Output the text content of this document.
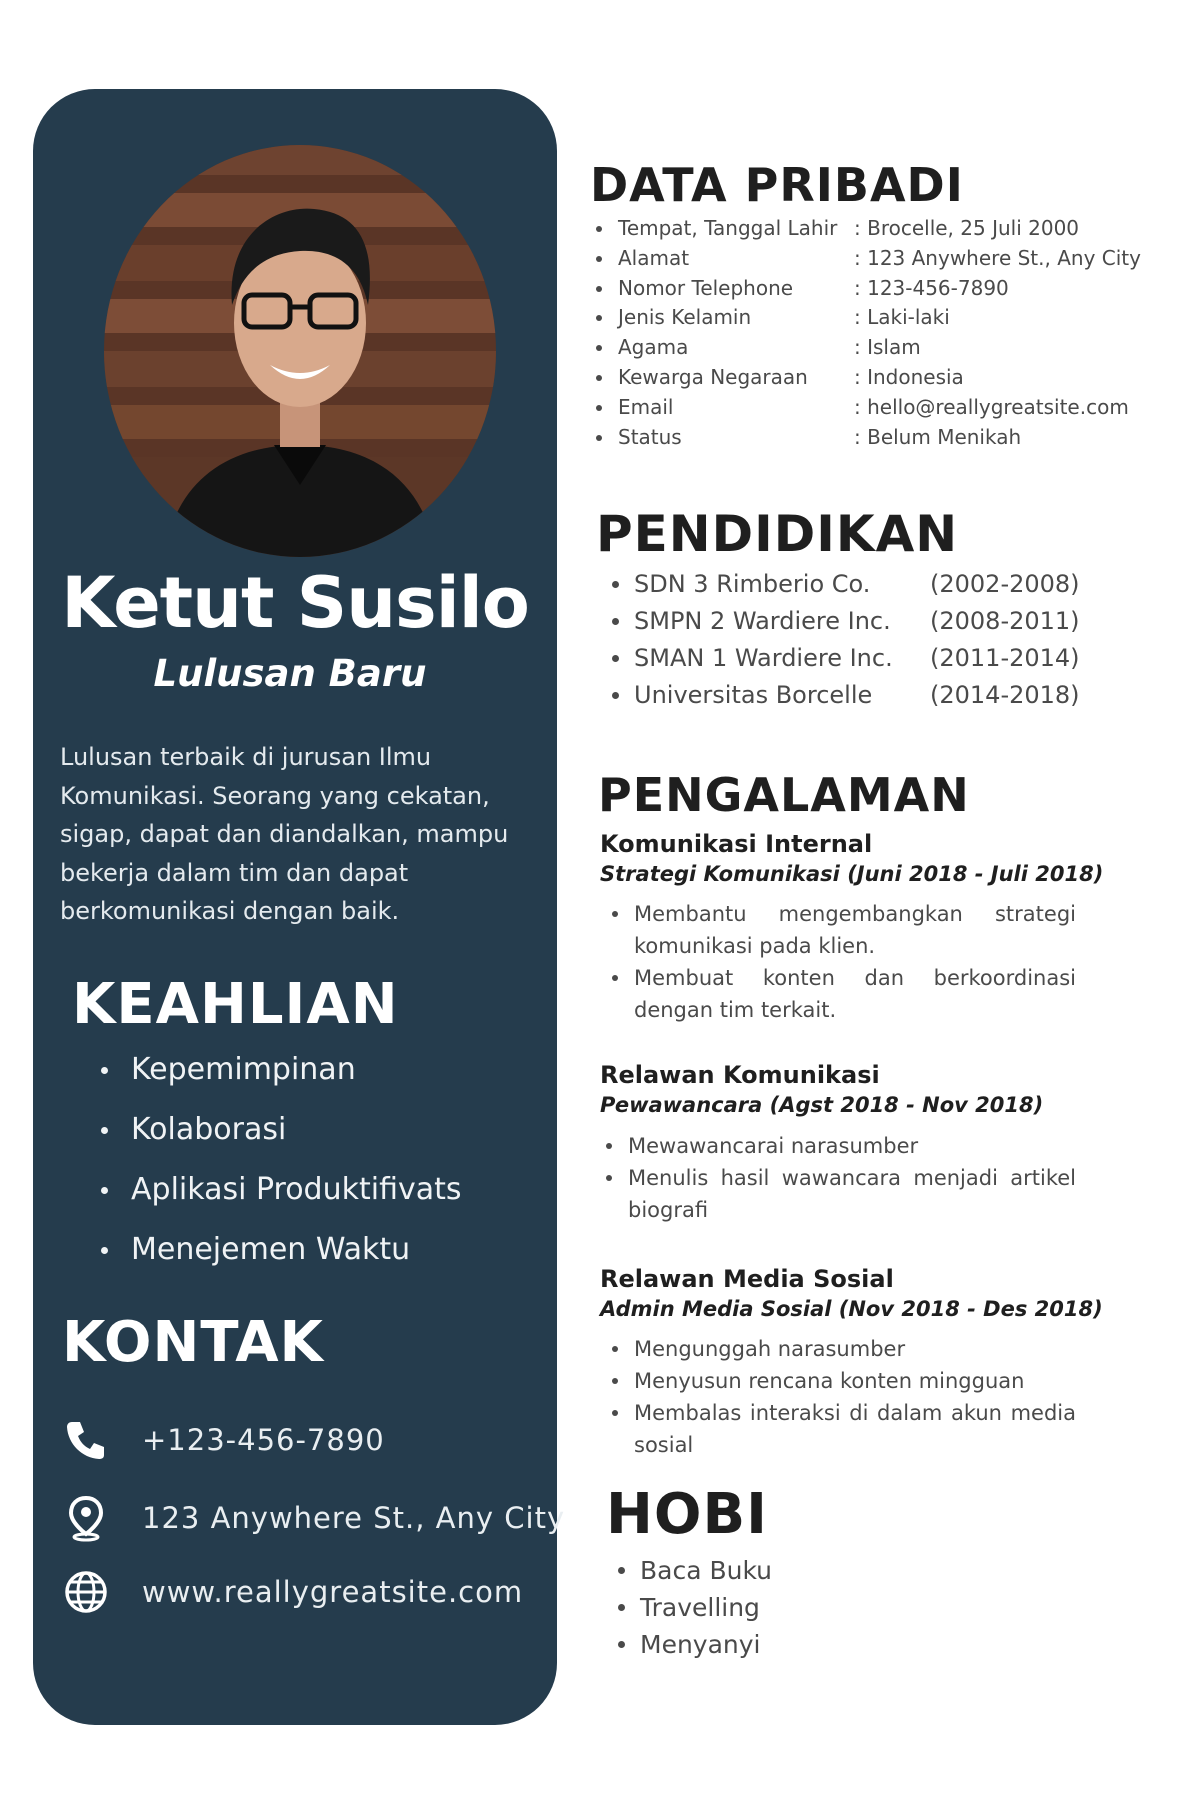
Ketut Susilo
Lulusan Baru
Lulusan terbaik di jurusan Ilmu Komunikasi. Seorang yang cekatan, sigap, dapat dan diandalkan, mampu bekerja dalam tim dan dapat berkomunikasi dengan baik.
KEAHLIAN
Kepemimpinan
Kolaborasi
Aplikasi Produktifivats
Menejemen Waktu
KONTAK
+123-456-7890
123 Anywhere St., Any City
www.reallygreatsite.com
DATA PRIBADI
Tempat, Tanggal Lahir : Brocelle, 25 Juli 2000
Alamat	: 123 Anywhere St., Any City
Nomor Telephone	: 123-456-7890
Jenis Kelamin	: Laki-laki
Agama	: Islam
Kewarga Negaraan : Indonesia
Email	: hello@reallygreatsite.com
Status	: Belum Menikah
PENDIDIKAN
SDN 3 Rimberio Co. (2002-2008)
SMPN 2 Wardiere Inc. (2008-2011)
SMAN 1 Wardiere Inc. (2011-2014)
Universitas Borcelle (2014-2018)
PENGALAMAN
Komunikasi Internal
Strategi Komunikasi (Juni 2018 - Juli 2018)
Membantu mengembangkan strategi komunikasi pada klien.
Membuat konten dan berkoordinasi dengan tim terkait.
Relawan Komunikasi
Pewawancara (Agst 2018 - Nov 2018)
Mewawancarai narasumber
Menulis hasil wawancara menjadi artikel biografi
Relawan Media Sosial
Admin Media Sosial (Nov 2018 - Des 2018)
Mengunggah narasumber
Menyusun rencana konten mingguan
Membalas interaksi di dalam akun media sosial
HOBI
Baca Buku
Travelling
Menyanyi
